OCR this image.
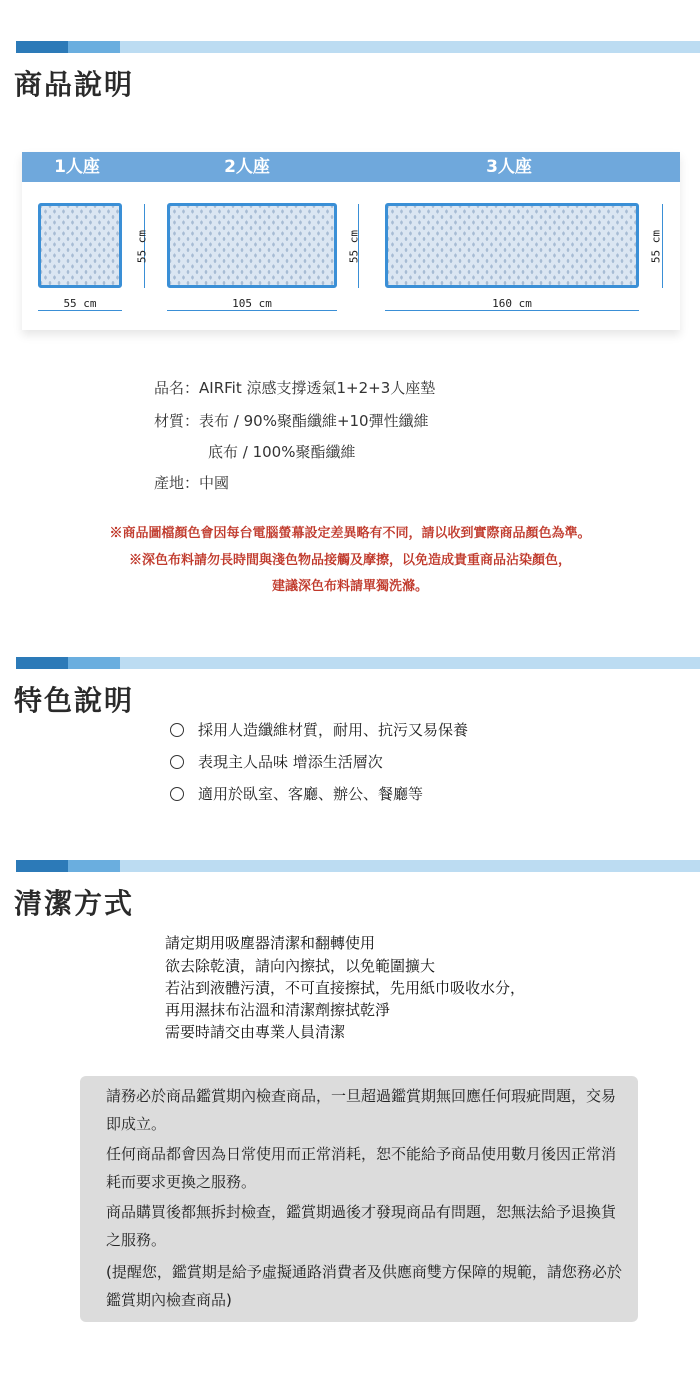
商品說明
1人座	2人座	3人座
55 cm
55 cm
55 cm
105 cm
55 cm
160 cm
品名：AIRFit 涼感支撐透氣1+2+3人座墊
材質：表布 / 90%聚酯纖維+10彈性纖維
底布 / 100%聚酯纖維
產地：中國
※商品圖檔顏色會因每台電腦螢幕設定差異略有不同，請以收到實際商品顏色為準。
※深色布料請勿長時間與淺色物品接觸及摩擦，以免造成貴重商品沾染顏色，
建議深色布料請單獨洗滌。
特色說明
採用人造纖維材質，耐用、抗污又易保養
表現主人品味 增添生活層次
適用於臥室、客廳、辦公、餐廳等
清潔方式
請定期用吸塵器清潔和翻轉使用
欲去除乾漬，請向內擦拭，以免範圍擴大
若沾到液體污漬，不可直接擦拭，先用紙巾吸收水分，
再用濕抹布沾溫和清潔劑擦拭乾淨
需要時請交由專業人員清潔

請務必於商品鑑賞期內檢查商品，一旦超過鑑賞期無回應任何瑕疵問題，交易即成立。

任何商品都會因為日常使用而正常消耗，恕不能給予商品使用數月後因正常消耗而要求更換之服務。

商品購買後都無拆封檢查，鑑賞期過後才發現商品有問題，恕無法給予退換貨之服務。

(提醒您，鑑賞期是給予虛擬通路消費者及供應商雙方保障的規範，請您務必於鑑賞期內檢查商品)
